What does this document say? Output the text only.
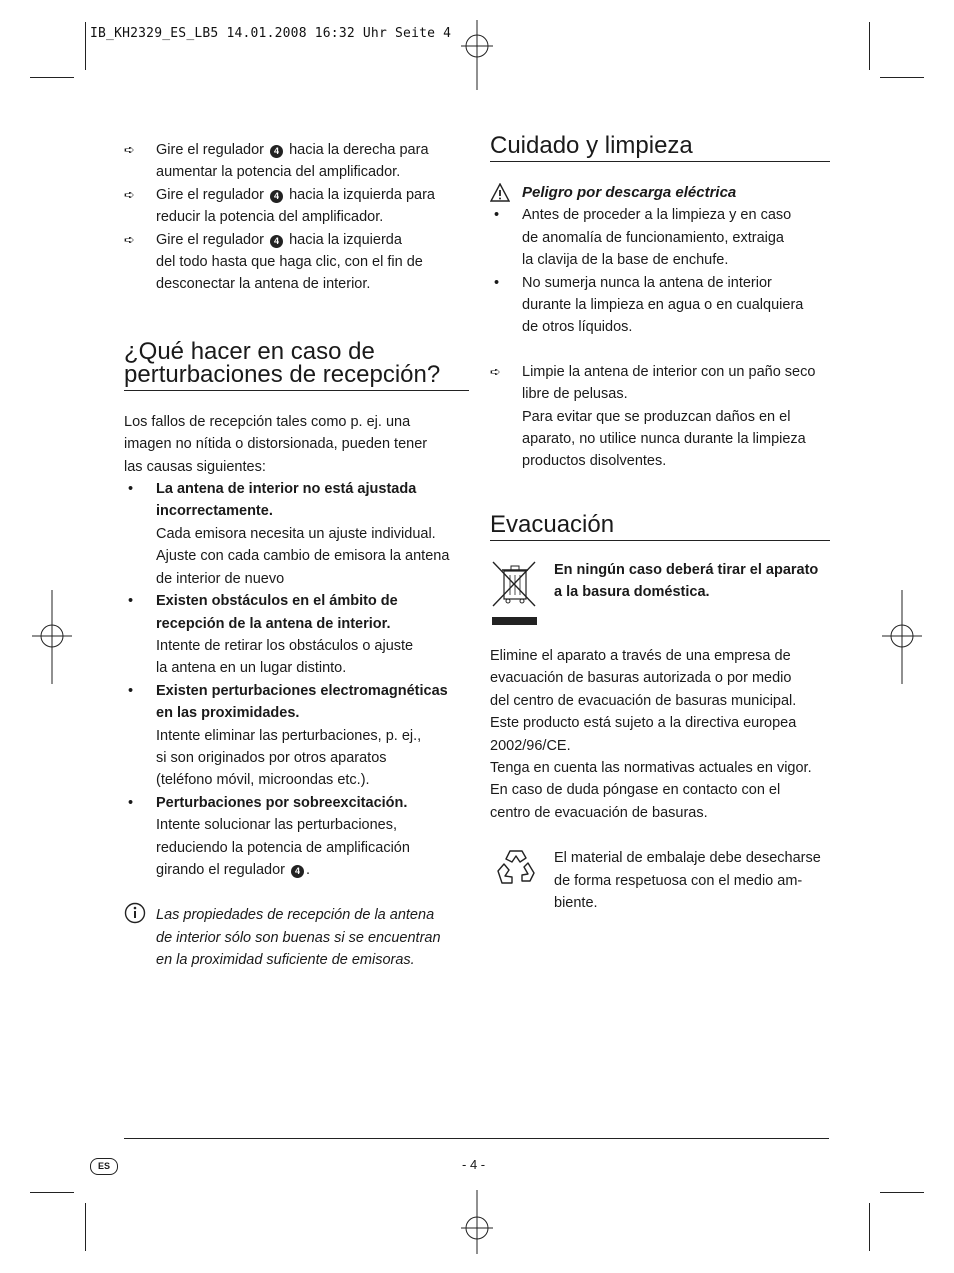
IB_KH2329_ES_LB5 14.01.2008 16:32 Uhr Seite 4
➪ Gire el regulador 4 hacia la derecha para

aumentar la potencia del amplificador.

➪ Gire el regulador 4 hacia la izquierda para

reducir la potencia del amplificador.

➪ Gire el regulador 4 hacia la izquierda

del todo hasta que haga clic, con el fin de

desconectar la antena de interior.

¿Qué hacer en caso de
perturbaciones de recepción?

Los fallos de recepción tales como p. ej. una

imagen no nítida o distorsionada, pueden tener

las causas siguientes:

• La antena de interior no está ajustada

incorrectamente.

Cada emisora necesita un ajuste individual.

Ajuste con cada cambio de emisora la antena

de interior de nuevo

• Existen obstáculos en el ámbito de

recepción de la antena de interior.

Intente de retirar los obstáculos o ajuste

la antena en un lugar distinto.

• Existen perturbaciones electromagnéticas

en las proximidades.

Intente eliminar las perturbaciones, p. ej.,

si son originados por otros aparatos

(teléfono móvil, microondas etc.).

• Perturbaciones por sobreexcitación.

Intente solucionar las perturbaciones,

reduciendo la potencia de amplificación

girando el regulador 4 .

Las propiedades de recepción de la antena

de interior sólo son buenas si se encuentran

en la proximidad suficiente de emisoras.

Cuidado y limpieza

Peligro por descarga eléctrica

• Antes de proceder a la limpieza y en caso

de anomalía de funcionamiento, extraiga

la clavija de la base de enchufe.

• No sumerja nunca la antena de interior

durante la limpieza en agua o en cualquiera

de otros líquidos.

➪ Limpie la antena de interior con un paño seco

libre de pelusas.

Para evitar que se produzcan daños en el

aparato, no utilice nunca durante la limpieza

productos disolventes.

Evacuación

En ningún caso deberá tirar el aparato

a la basura doméstica.

Elimine el aparato a través de una empresa de

evacuación de basuras autorizada o por medio

del centro de evacuación de basuras municipal.

Este producto está sujeto a la directiva europea

2002/96/CE.

Tenga en cuenta las normativas actuales en vigor.

En caso de duda póngase en contacto con el

centro de evacuación de basuras.

El material de embalaje debe desecharse

de forma respetuosa con el medio am-

biente.

ES	- 4 -
